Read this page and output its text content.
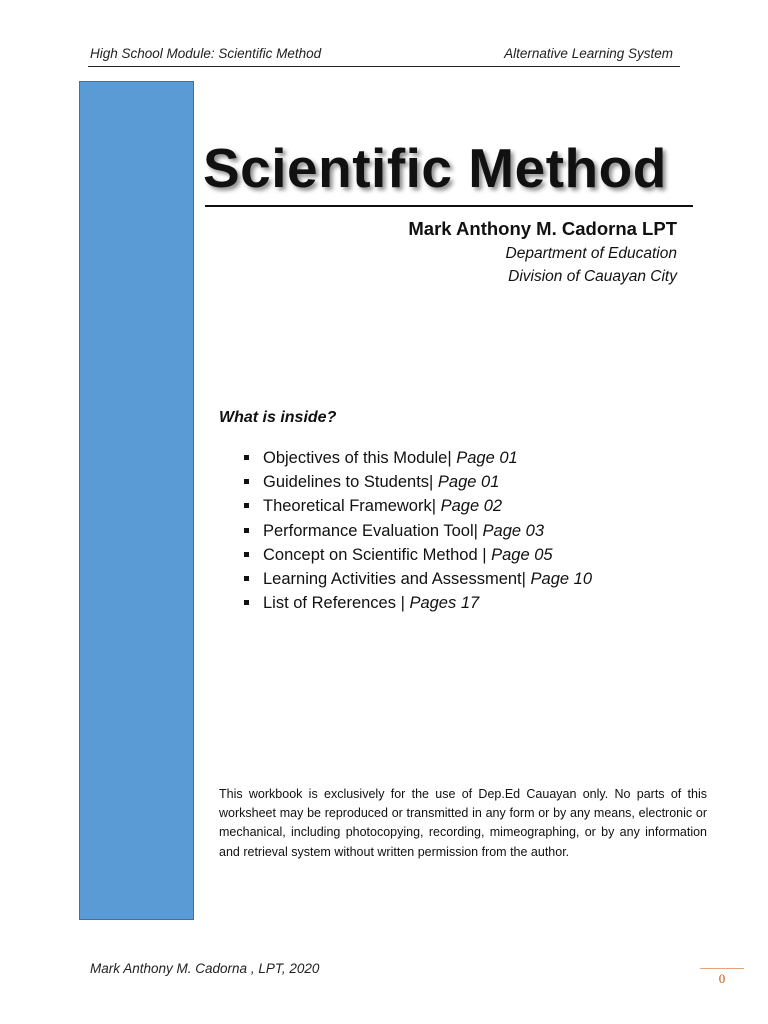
High School Module: Scientific Method	Alternative Learning System
Scientific Method
Mark Anthony M. Cadorna LPT
Department of Education
Division of Cauayan City
What is inside?
Objectives of this Module| Page 01
Guidelines to Students| Page 01
Theoretical Framework| Page 02
Performance Evaluation Tool| Page 03
Concept on Scientific Method | Page 05
Learning Activities and Assessment| Page 10
List of References | Pages 17
This workbook is exclusively for the use of Dep.Ed Cauayan only. No parts of this worksheet may be reproduced or transmitted in any form or by any means, electronic or mechanical, including photocopying, recording, mimeographing, or by any information and retrieval system without written permission from the author.
Mark Anthony M. Cadorna , LPT, 2020
0
